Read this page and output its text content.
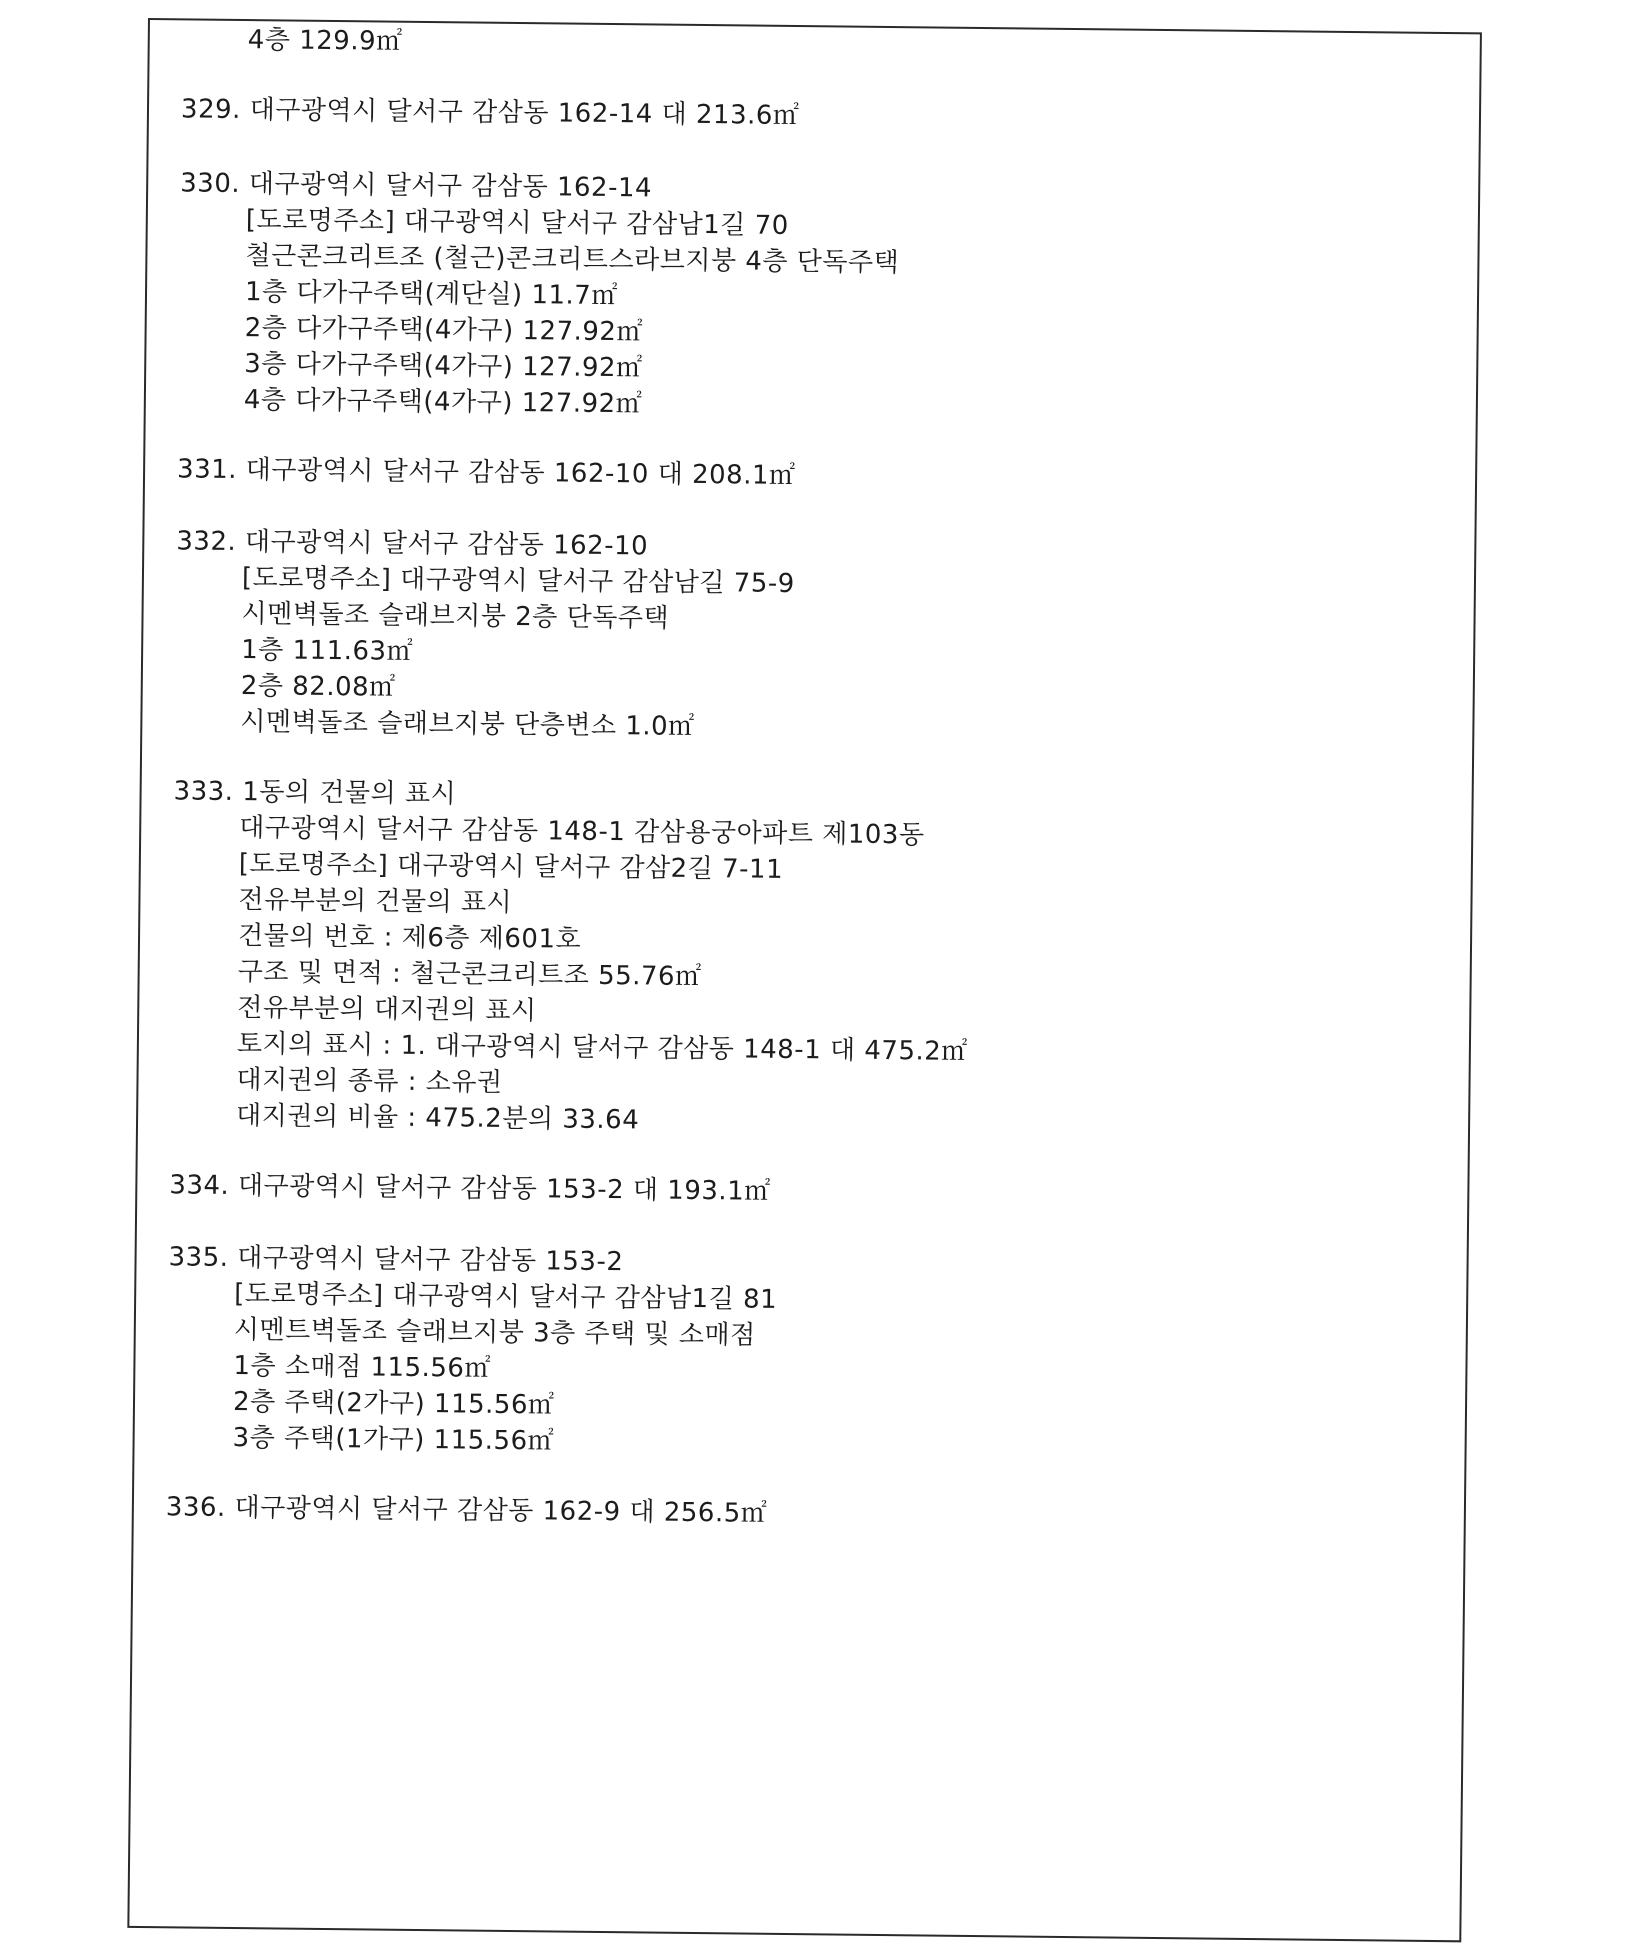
4층 129.9㎡
329. 대구광역시 달서구 감삼동 162-14 대 213.6㎡
330. 대구광역시 달서구 감삼동 162-14
[도로명주소] 대구광역시 달서구 감삼남1길 70
철근콘크리트조 (철근)콘크리트스라브지붕 4층 단독주택
1층 다가구주택(계단실) 11.7㎡
2층 다가구주택(4가구) 127.92㎡
3층 다가구주택(4가구) 127.92㎡
4층 다가구주택(4가구) 127.92㎡
331. 대구광역시 달서구 감삼동 162-10 대 208.1㎡
332. 대구광역시 달서구 감삼동 162-10
[도로명주소] 대구광역시 달서구 감삼남길 75-9
시멘벽돌조 슬래브지붕 2층 단독주택
1층 111.63㎡
2층 82.08㎡
시멘벽돌조 슬래브지붕 단층변소 1.0㎡
333. 1동의 건물의 표시
대구광역시 달서구 감삼동 148-1 감삼용궁아파트 제103동
[도로명주소] 대구광역시 달서구 감삼2길 7-11
전유부분의 건물의 표시
건물의 번호 : 제6층 제601호
구조 및 면적 : 철근콘크리트조 55.76㎡
전유부분의 대지권의 표시
토지의 표시 : 1. 대구광역시 달서구 감삼동 148-1 대 475.2㎡
대지권의 종류 : 소유권
대지권의 비율 : 475.2분의 33.64
334. 대구광역시 달서구 감삼동 153-2 대 193.1㎡
335. 대구광역시 달서구 감삼동 153-2
[도로명주소] 대구광역시 달서구 감삼남1길 81
시멘트벽돌조 슬래브지붕 3층 주택 및 소매점
1층 소매점 115.56㎡
2층 주택(2가구) 115.56㎡
3층 주택(1가구) 115.56㎡
336. 대구광역시 달서구 감삼동 162-9 대 256.5㎡
